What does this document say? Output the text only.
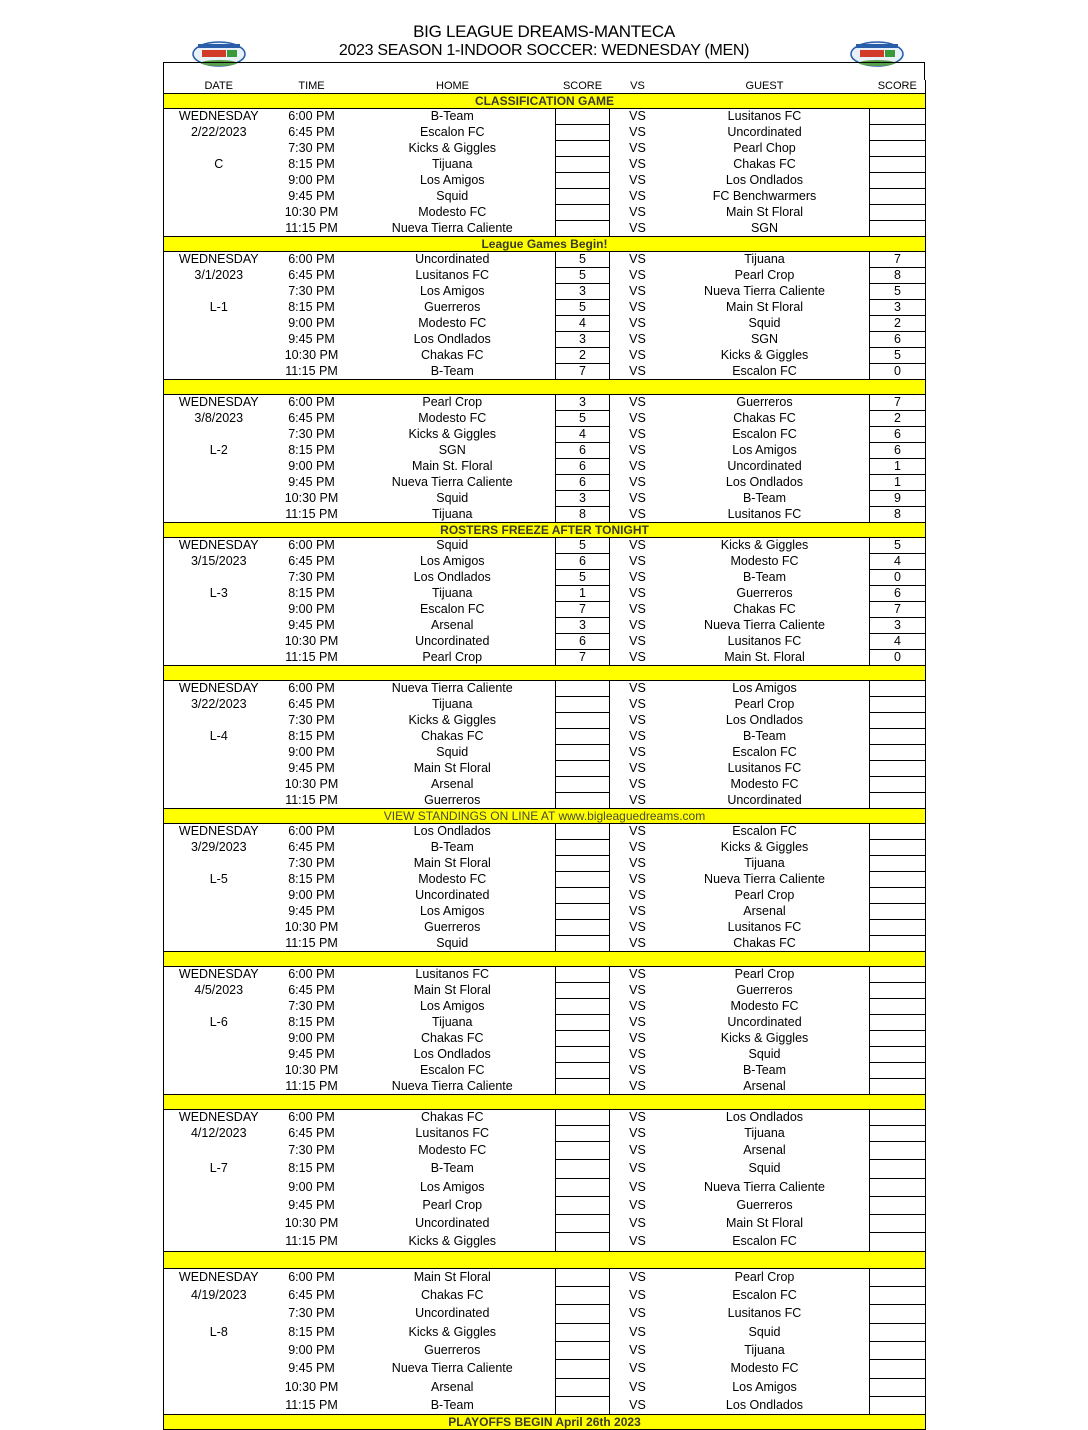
BIG LEAGUE DREAMS-MANTECA
2023 SEASON 1-INDOOR SOCCER: WEDNESDAY (MEN)
DATE	TIME	HOME	SCORE		VS	GUEST		SCORE
CLASSIFICATION GAME								
WEDNESDAY	6:00 PM	B-Team			VS	Lusitanos FC		
2/22/2023	6:45 PM	Escalon FC			VS	Uncordinated		
	7:30 PM	Kicks & Giggles			VS	Pearl Chop		
C	8:15 PM	Tijuana			VS	Chakas FC		
	9:00 PM	Los Amigos			VS	Los Ondlados		
	9:45 PM	Squid			VS	FC Benchwarmers		
	10:30 PM	Modesto FC			VS	Main St Floral		
	11:15 PM	Nueva Tierra Caliente			VS	SGN		
League Games Begin!								
WEDNESDAY	6:00 PM	Uncordinated	5		VS	Tijuana		7
3/1/2023	6:45 PM	Lusitanos FC	5		VS	Pearl Crop		8
	7:30 PM	Los Amigos	3		VS	Nueva Tierra Caliente		5
L-1	8:15 PM	Guerreros	5		VS	Main St Floral		3
	9:00 PM	Modesto FC	4		VS	Squid		2
	9:45 PM	Los Ondlados	3		VS	SGN		6
	10:30 PM	Chakas FC	2		VS	Kicks & Giggles		5
	11:15 PM	B-Team	7		VS	Escalon FC		0

WEDNESDAY	6:00 PM	Pearl Crop	3		VS	Guerreros		7
3/8/2023	6:45 PM	Modesto FC	5		VS	Chakas FC		2
	7:30 PM	Kicks & Giggles	4		VS	Escalon FC		6
L-2	8:15 PM	SGN	6		VS	Los Amigos		6
	9:00 PM	Main St. Floral	6		VS	Uncordinated		1
	9:45 PM	Nueva Tierra Caliente	6		VS	Los Ondlados		1
	10:30 PM	Squid	3		VS	B-Team		9
	11:15 PM	Tijuana	8		VS	Lusitanos FC		8
ROSTERS FREEZE AFTER TONIGHT								
WEDNESDAY	6:00 PM	Squid	5		VS	Kicks & Giggles		5
3/15/2023	6:45 PM	Los Amigos	6		VS	Modesto FC		4
	7:30 PM	Los Ondlados	5		VS	B-Team		0
L-3	8:15 PM	Tijuana	1		VS	Guerreros		6
	9:00 PM	Escalon FC	7		VS	Chakas FC		7
	9:45 PM	Arsenal	3		VS	Nueva Tierra Caliente		3
	10:30 PM	Uncordinated	6		VS	Lusitanos FC		4
	11:15 PM	Pearl Crop	7		VS	Main St. Floral		0

WEDNESDAY	6:00 PM	Nueva Tierra Caliente			VS	Los Amigos		
3/22/2023	6:45 PM	Tijuana			VS	Pearl Crop		
	7:30 PM	Kicks & Giggles			VS	Los Ondlados		
L-4	8:15 PM	Chakas FC			VS	B-Team		
	9:00 PM	Squid			VS	Escalon FC		
	9:45 PM	Main St Floral			VS	Lusitanos FC		
	10:30 PM	Arsenal			VS	Modesto FC		
	11:15 PM	Guerreros			VS	Uncordinated		
VIEW STANDINGS ON LINE AT www.bigleaguedreams.com								
WEDNESDAY	6:00 PM	Los Ondlados			VS	Escalon FC		
3/29/2023	6:45 PM	B-Team			VS	Kicks & Giggles		
	7:30 PM	Main St Floral			VS	Tijuana		
L-5	8:15 PM	Modesto FC			VS	Nueva Tierra Caliente		
	9:00 PM	Uncordinated			VS	Pearl Crop		
	9:45 PM	Los Amigos			VS	Arsenal		
	10:30 PM	Guerreros			VS	Lusitanos FC		
	11:15 PM	Squid			VS	Chakas FC		

WEDNESDAY	6:00 PM	Lusitanos FC			VS	Pearl Crop		
4/5/2023	6:45 PM	Main St Floral			VS	Guerreros		
	7:30 PM	Los Amigos			VS	Modesto FC		
L-6	8:15 PM	Tijuana			VS	Uncordinated		
	9:00 PM	Chakas FC			VS	Kicks & Giggles		
	9:45 PM	Los Ondlados			VS	Squid		
	10:30 PM	Escalon FC			VS	B-Team		
	11:15 PM	Nueva Tierra Caliente			VS	Arsenal		

WEDNESDAY	6:00 PM	Chakas FC			VS	Los Ondlados		
4/12/2023	6:45 PM	Lusitanos FC			VS	Tijuana		
	7:30 PM	Modesto FC			VS	Arsenal		
L-7	8:15 PM	B-Team			VS	Squid		
	9:00 PM	Los Amigos			VS	Nueva Tierra Caliente		
	9:45 PM	Pearl Crop			VS	Guerreros		
	10:30 PM	Uncordinated			VS	Main St Floral		
	11:15 PM	Kicks & Giggles			VS	Escalon FC		

WEDNESDAY	6:00 PM	Main St Floral			VS	Pearl Crop		
4/19/2023	6:45 PM	Chakas FC			VS	Escalon FC		
	7:30 PM	Uncordinated			VS	Lusitanos FC		
L-8	8:15 PM	Kicks & Giggles			VS	Squid		
	9:00 PM	Guerreros			VS	Tijuana		
	9:45 PM	Nueva Tierra Caliente			VS	Modesto FC		
	10:30 PM	Arsenal			VS	Los Amigos		
	11:15 PM	B-Team			VS	Los Ondlados		
PLAYOFFS BEGIN April 26th 2023								
